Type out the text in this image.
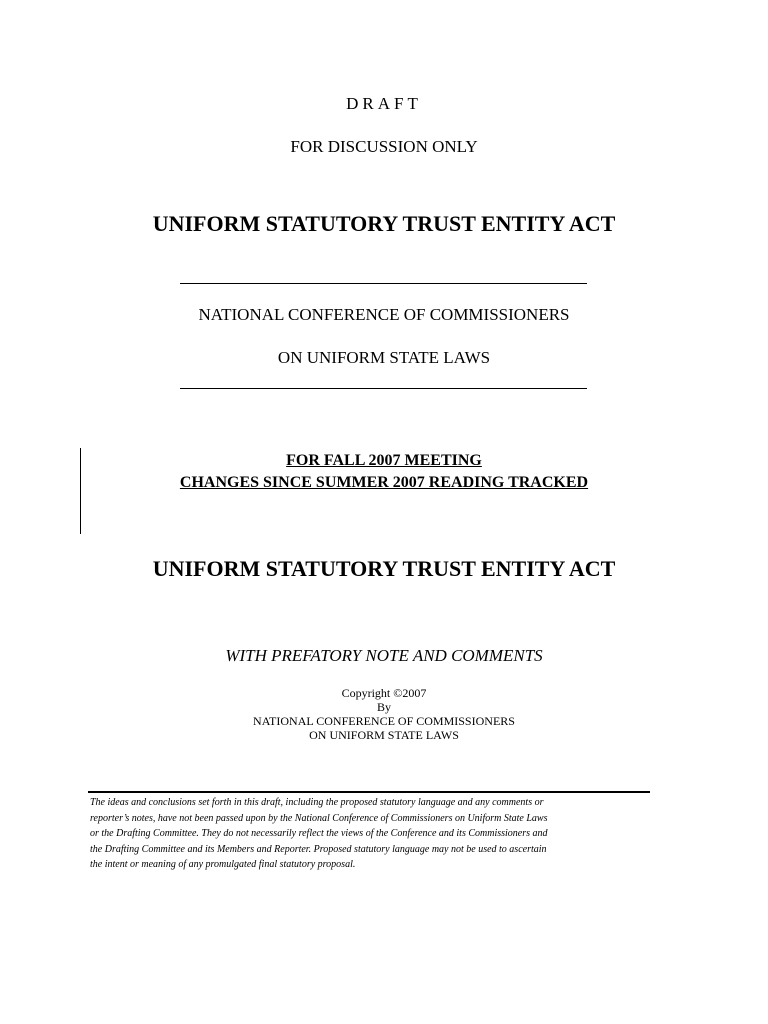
DRAFT
FOR DISCUSSION ONLY
UNIFORM STATUTORY TRUST ENTITY ACT
NATIONAL CONFERENCE OF COMMISSIONERS
ON UNIFORM STATE LAWS
FOR FALL 2007 MEETING
CHANGES SINCE SUMMER 2007 READING TRACKED
UNIFORM STATUTORY TRUST ENTITY ACT
WITH PREFATORY NOTE AND COMMENTS
Copyright ©2007
By
NATIONAL CONFERENCE OF COMMISSIONERS
ON UNIFORM STATE LAWS
The ideas and conclusions set forth in this draft, including the proposed statutory language and any comments or
reporter’s notes, have not been passed upon by the National Conference of Commissioners on Uniform State Laws
or the Drafting Committee. They do not necessarily reflect the views of the Conference and its Commissioners and
the Drafting Committee and its Members and Reporter. Proposed statutory language may not be used to ascertain
the intent or meaning of any promulgated final statutory proposal.
